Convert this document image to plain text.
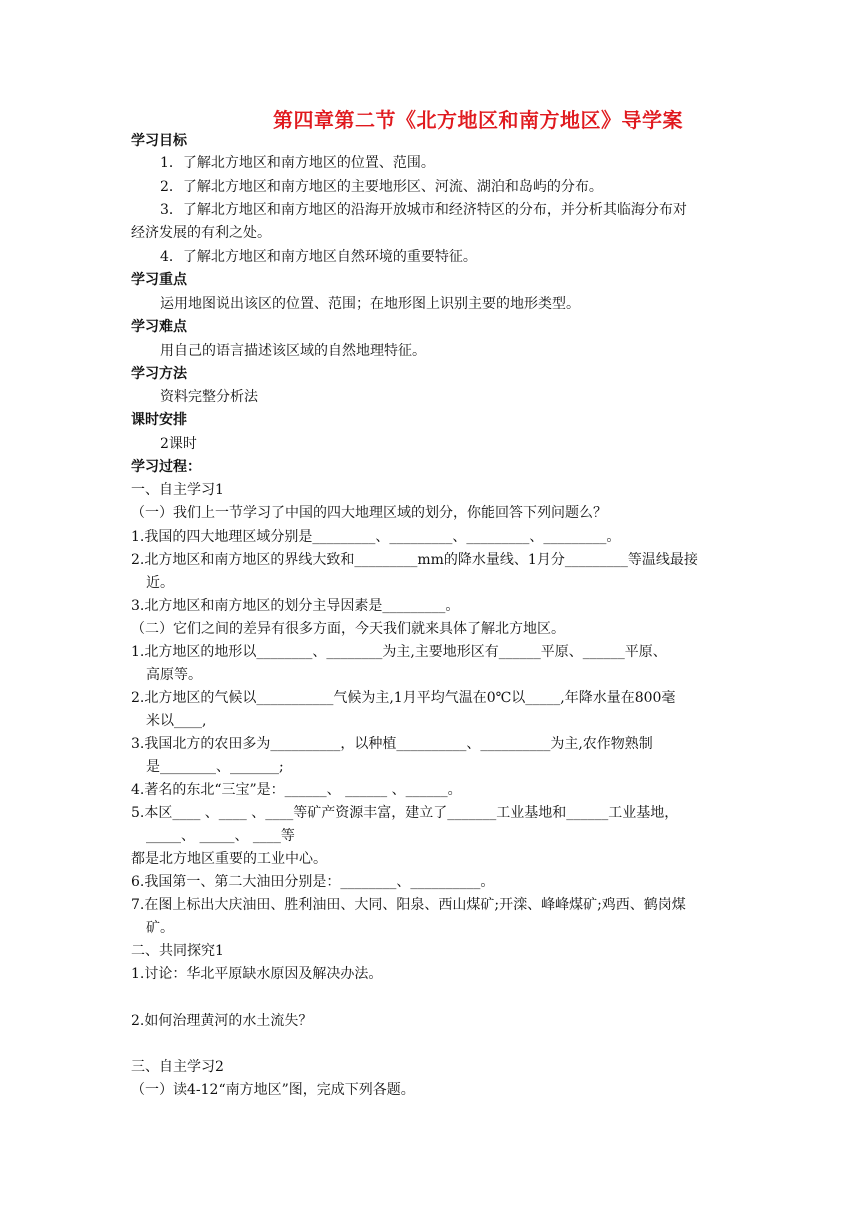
第四章第二节《北方地区和南方地区》导学案
学习目标
1．了解北方地区和南方地区的位置、范围。
2．了解北方地区和南方地区的主要地形区、河流、湖泊和岛屿的分布。
3．了解北方地区和南方地区的沿海开放城市和经济特区的分布，并分析其临海分布对
经济发展的有利之处。
4．了解北方地区和南方地区自然环境的重要特征。
学习重点
运用地图说出该区的位置、范围；在地形图上识别主要的地形类型。
学习难点
用自己的语言描述该区域的自然地理特征。
学习方法
资料完整分析法
课时安排
2课时
学习过程：
一、自主学习1
（一）我们上一节学习了中国的四大地理区域的划分，你能回答下列问题么？
1.我国的四大地理区域分别是_________、_________、_________、_________。
2.北方地区和南方地区的界线大致和_________mm的降水量线、1月分_________等温线最接
近。
3.北方地区和南方地区的划分主导因素是_________。
（二）它们之间的差异有很多方面，今天我们就来具体了解北方地区。
1.北方地区的地形以________、________为主,主要地形区有______平原、______平原、
高原等。
2.北方地区的气候以___________气候为主,1月平均气温在0℃以_____,年降水量在800毫
米以____,
3.我国北方的农田多为__________，以种植__________、__________为主,农作物熟制
是________、_______;
4.著名的东北“三宝”是：______、 ______ 、______。
5.本区____ 、____ 、____等矿产资源丰富，建立了_______工业基地和______工业基地，
_____、 _____、 ____等
都是北方地区重要的工业中心。
6.我国第一、第二大油田分别是：________、__________。
7.在图上标出大庆油田、胜利油田、大同、阳泉、西山煤矿;开滦、峰峰煤矿;鸡西、鹤岗煤
矿。
二、共同探究1
1.讨论：华北平原缺水原因及解决办法。
2.如何治理黄河的水土流失？
三、自主学习2
（一）读4-12“南方地区”图，完成下列各题。
